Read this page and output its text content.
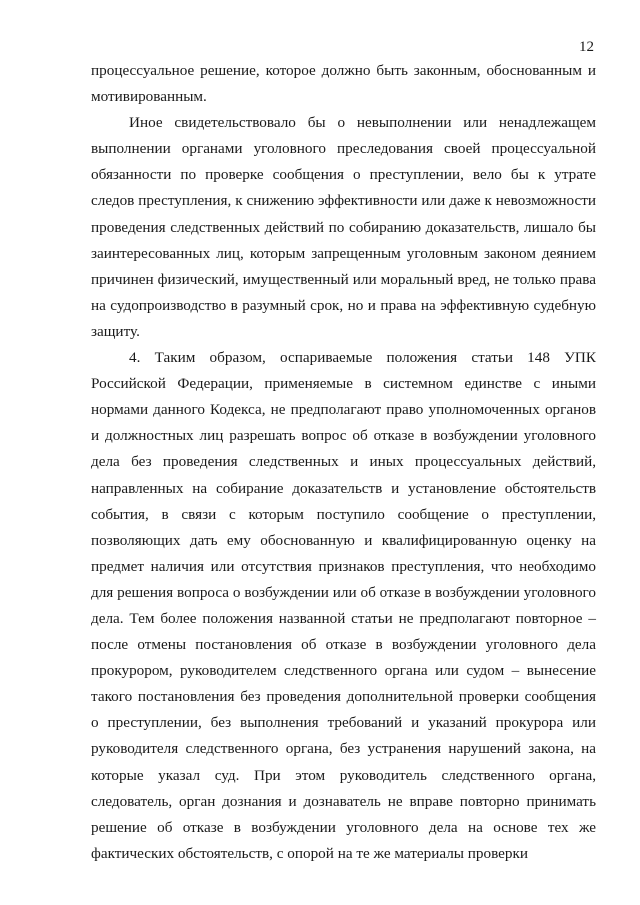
12

процессуальное решение, которое должно быть законным, обоснованным и мотивированным.

Иное свидетельствовало бы о невыполнении или ненадлежащем выполнении органами уголовного преследования своей процессуальной обязанности по проверке сообщения о преступлении, вело бы к утрате следов преступления, к снижению эффективности или даже к невозможности проведения следственных действий по собиранию доказательств, лишало бы заинтересованных лиц, которым запрещенным уголовным законом деянием причинен физический, имущественный или моральный вред, не только права на судопроизводство в разумный срок, но и права на эффективную судебную защиту.

4. Таким образом, оспариваемые положения статьи 148 УПК Российской Федерации, применяемые в системном единстве с иными нормами данного Кодекса, не предполагают право уполномоченных органов и должностных лиц разрешать вопрос об отказе в возбуждении уголовного дела без проведения следственных и иных процессуальных действий, направленных на собирание доказательств и установление обстоятельств события, в связи с которым поступило сообщение о преступлении, позволяющих дать ему обоснованную и квалифицированную оценку на предмет наличия или отсутствия признаков преступления, что необходимо для решения вопроса о возбуждении или об отказе в возбуждении уголовного дела. Тем более положения названной статьи не предполагают повторное – после отмены постановления об отказе в возбуждении уголовного дела прокурором, руководителем следственного органа или судом – вынесение такого постановления без проведения дополнительной проверки сообщения о преступлении, без выполнения требований и указаний прокурора или руководителя следственного органа, без устранения нарушений закона, на которые указал суд. При этом руководитель следственного органа, следователь, орган дознания и дознаватель не вправе повторно принимать решение об отказе в возбуждении уголовного дела на основе тех же фактических обстоятельств, с опорой на те же материалы проверки
